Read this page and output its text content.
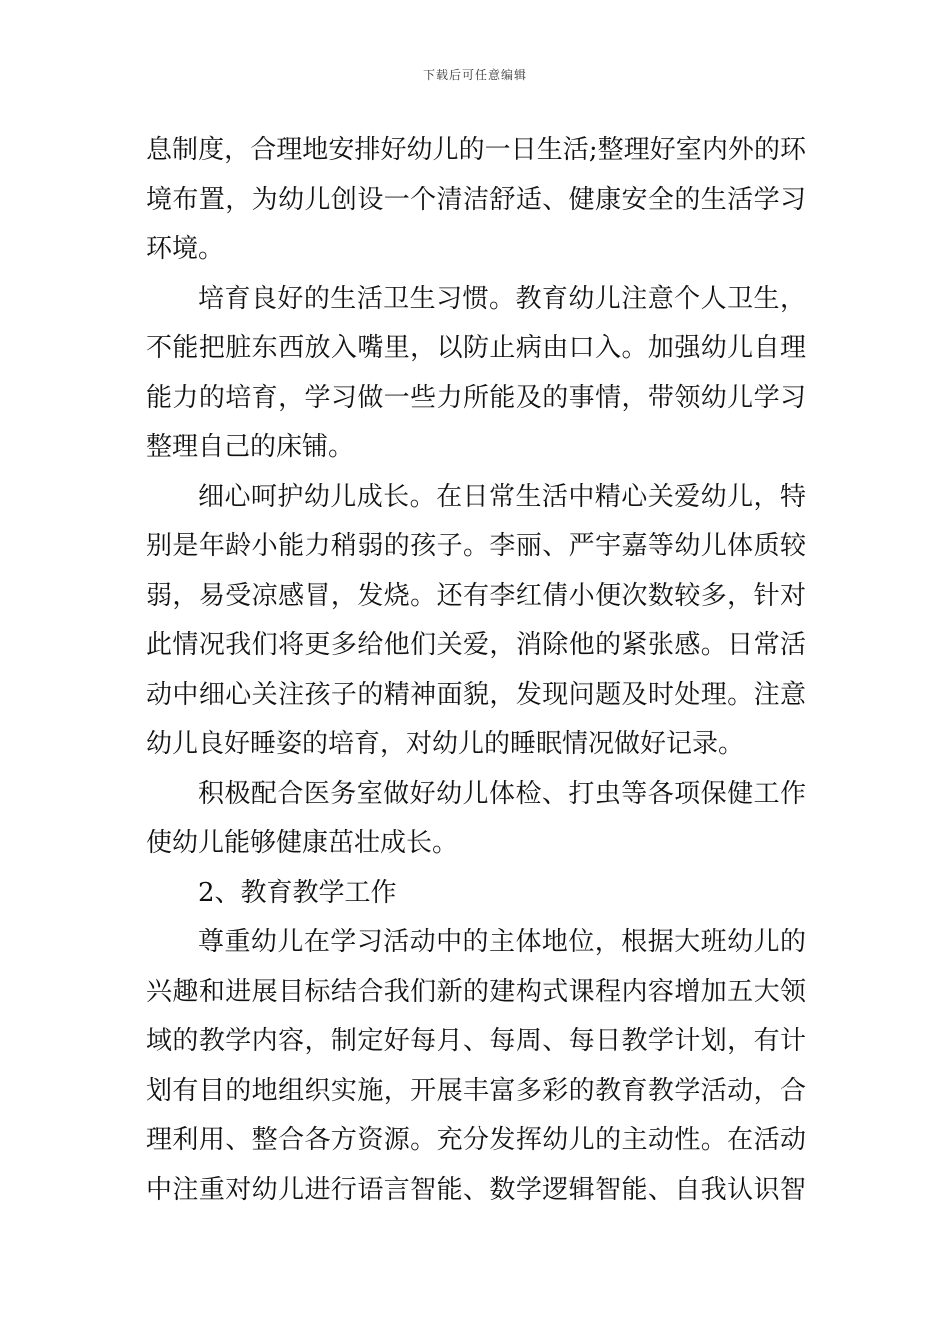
下载后可任意编辑
息制度，合理地安排好幼儿的一日生活;整理好室内外的环
境布置，为幼儿创设一个清洁舒适、健康安全的生活学习
环境。
培育良好的生活卫生习惯。教育幼儿注意个人卫生，
不能把脏东西放入嘴里，以防止病由口入。加强幼儿自理
能力的培育，学习做一些力所能及的事情，带领幼儿学习
整理自己的床铺。
细心呵护幼儿成长。在日常生活中精心关爱幼儿，特
别是年龄小能力稍弱的孩子。李丽、严宇嘉等幼儿体质较
弱，易受凉感冒，发烧。还有李红倩小便次数较多，针对
此情况我们将更多给他们关爱，消除他的紧张感。日常活
动中细心关注孩子的精神面貌，发现问题及时处理。注意
幼儿良好睡姿的培育，对幼儿的睡眠情况做好记录。
积极配合医务室做好幼儿体检、打虫等各项保健工作
使幼儿能够健康茁壮成长。
2、教育教学工作
尊重幼儿在学习活动中的主体地位，根据大班幼儿的
兴趣和进展目标结合我们新的建构式课程内容增加五大领
域的教学内容，制定好每月、每周、每日教学计划，有计
划有目的地组织实施，开展丰富多彩的教育教学活动，合
理利用、整合各方资源。充分发挥幼儿的主动性。在活动
中注重对幼儿进行语言智能、数学逻辑智能、自我认识智
